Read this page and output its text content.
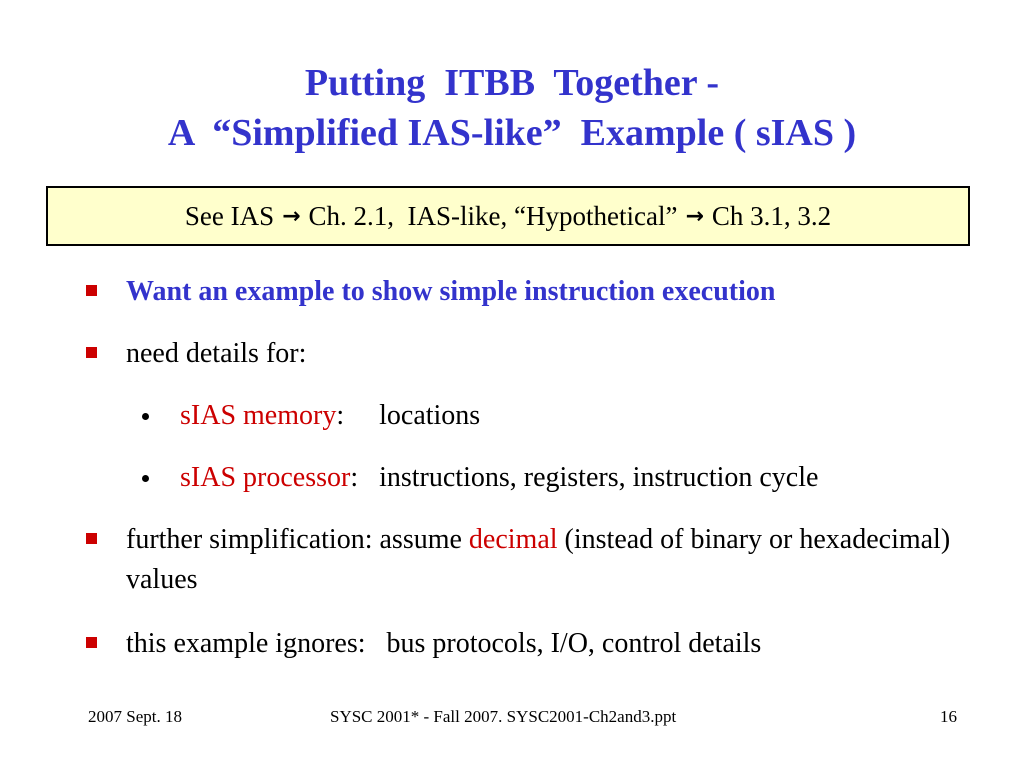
Putting  ITBB  Together -
A  “Simplified IAS-like”  Example ( sIAS )
See IAS → Ch. 2.1,  IAS-like, “Hypothetical” → Ch 3.1, 3.2
Want an example to show simple instruction execution
need details for:
sIAS memory:     locations
sIAS processor:   instructions, registers, instruction cycle
further simplification: assume decimal (instead of binary or hexadecimal) values
this example ignores:   bus protocols, I/O, control details
2007 Sept. 18	SYSC 2001* - Fall 2007. SYSC2001-Ch2and3.ppt	16
